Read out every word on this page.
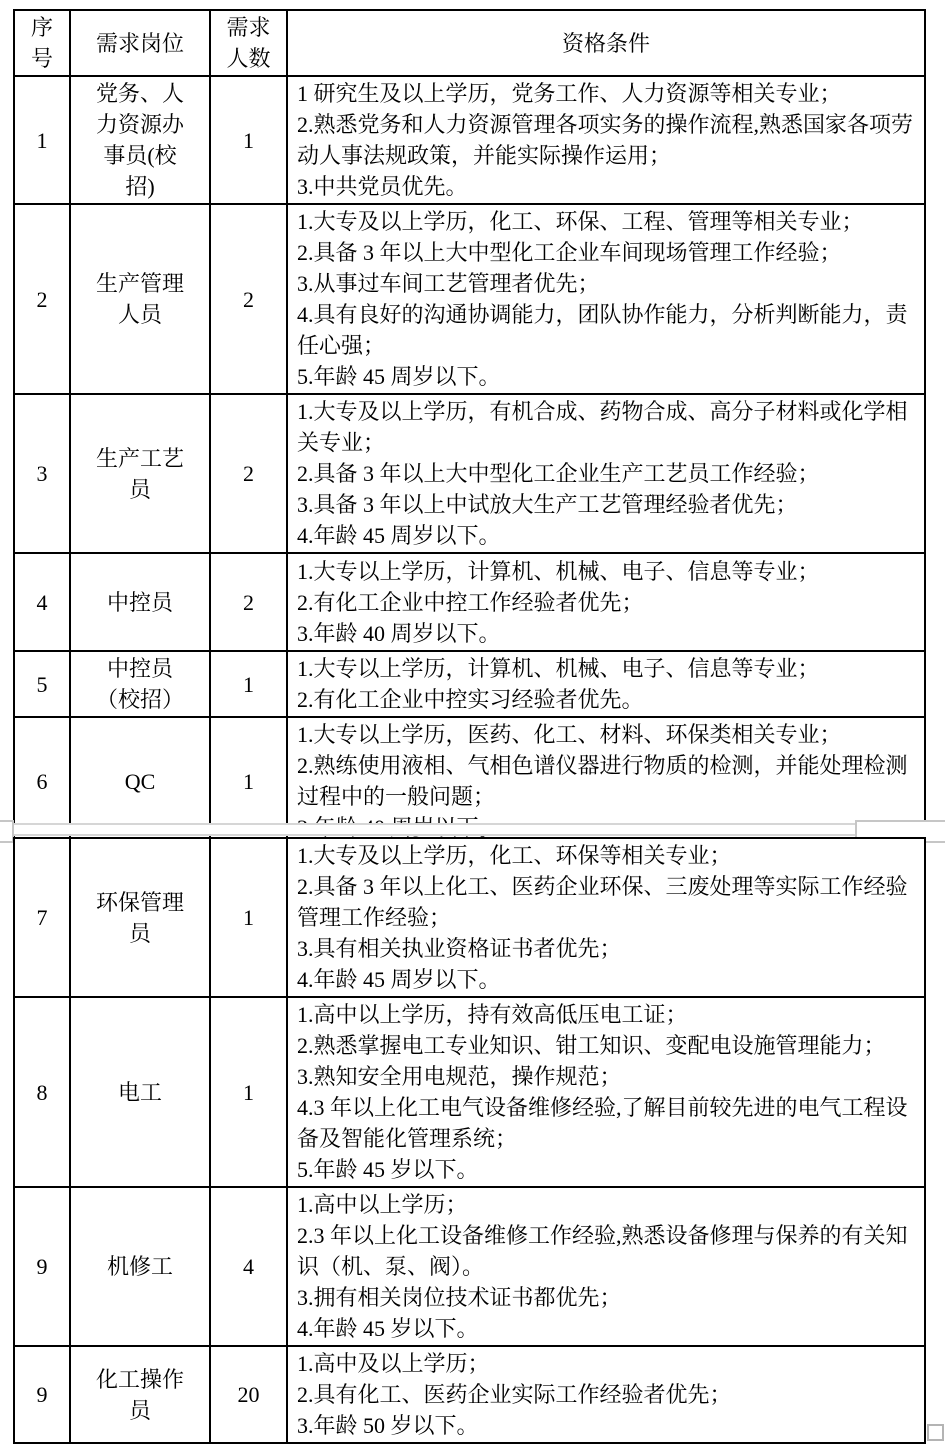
序号	需求岗位	需求人数	资格条件
1	党务、人力资源办事员(校招)	1	1 研究生及以上学历，党务工作、人力资源等相关专业；
2.熟悉党务和人力资源管理各项实务的操作流程,熟悉国家各项劳动人事法规政策，并能实际操作运用；
3.中共党员优先。

2	生产管理人员	2	1.大专及以上学历，化工、环保、工程、管理等相关专业；
2.具备 3 年以上大中型化工企业车间现场管理工作经验；
3.从事过车间工艺管理者优先；
4.具有良好的沟通协调能力，团队协作能力，分析判断能力，责任心强；
5.年龄 45 周岁以下。

3	生产工艺员	2	1.大专及以上学历，有机合成、药物合成、高分子材料或化学相关专业；
2.具备 3 年以上大中型化工企业生产工艺员工作经验；
3.具备 3 年以上中试放大生产工艺管理经验者优先；
4.年龄 45 周岁以下。

4	中控员	2	1.大专以上学历，计算机、机械、电子、信息等专业；
2.有化工企业中控工作经验者优先；
3.年龄 40 周岁以下。

5	中控员（校招）	1	1.大专以上学历，计算机、机械、电子、信息等专业；
2.有化工企业中控实习经验者优先。

6	QC	1	1.大专以上学历，医药、化工、材料、环保类相关专业；
2.熟练使用液相、气相色谱仪器进行物质的检测，并能处理检测过程中的一般问题；
7	环保管理员	1	1.大专及以上学历，化工、环保等相关专业；
2.具备 3 年以上化工、医药企业环保、三废处理等实际工作经验管理工作经验；
3.具有相关执业资格证书者优先；
4.年龄 45 周岁以下。

8	电工	1	1.高中以上学历，持有效高低压电工证；
2.熟悉掌握电工专业知识、钳工知识、变配电设施管理能力；
3.熟知安全用电规范，操作规范；
4.3 年以上化工电气设备维修经验,了解目前较先进的电气工程设备及智能化管理系统；
5.年龄 45 岁以下。

9	机修工	4	1.高中以上学历；
2.3 年以上化工设备维修工作经验,熟悉设备修理与保养的有关知识（机、泵、阀）。
3.拥有相关岗位技术证书都优先；
4.年龄 45 岁以下。

9	化工操作员	20	1.高中及以上学历；
2.具有化工、医药企业实际工作经验者优先；
3.年龄 50 岁以下。
